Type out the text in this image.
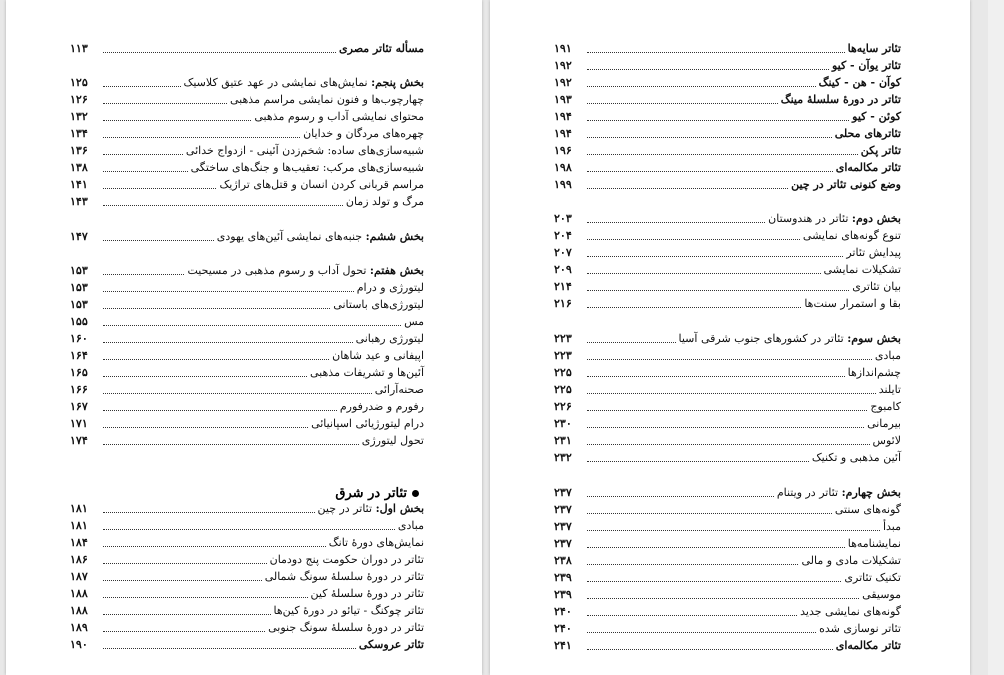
مسأله تئاتر مصری
۱۱۳
بخش پنجم: نمایش‌های نمایشی در عهد عتیق کلاسیک
۱۲۵
چهارچوب‌ها و فنون نمایشی مراسم مذهبی
۱۲۶
محتوای نمایشی آداب و رسوم مذهبی
۱۳۲
چهره‌های مردگان و خدایان
۱۳۴
شبیه‌سازی‌های ساده: شخم‌زدن آئینی - ازدواج خدائی
۱۳۶
شبیه‌سازی‌های مرکب: تعقیب‌ها و جنگ‌های ساختگی
۱۳۸
مراسم قربانی کردن انسان و قتل‌های تراژیک
۱۴۱
مرگ و تولد زمان
۱۴۳
بخش ششم: جنبه‌های نمایشی آئین‌های یهودی
۱۴۷
بخش هفتم: تحول آداب و رسوم مذهبی در مسیحیت
۱۵۳
لیتورژی و درام
۱۵۳
لیتورژی‌های باستانی
۱۵۳
مس
۱۵۵
لیتورژی رهبانی
۱۶۰
اپیفانی و عید شاهان
۱۶۴
آئین‌ها و تشریفات مذهبی
۱۶۵
صحنه‌آرائی
۱۶۶
رفورم و ضدرفورم
۱۶۷
درام لیتورژیائی اسپانیائی
۱۷۱
تحول لیتورژی
۱۷۴
بخش اول: تئاتر در چین
۱۸۱
مبادی
۱۸۱
نمایش‌های دورهٔ تانگ
۱۸۴
تئاتر در دوران حکومت پنج دودمان
۱۸۶
تئاتر در دورهٔ سلسلهٔ سونگ شمالی
۱۸۷
تئاتر در دورهٔ سلسلهٔ کین
۱۸۸
تئاتر چوکنگ - تیائو در دورهٔ کین‌ها
۱۸۸
تئاتر در دورهٔ سلسلهٔ سونگ جنوبی
۱۸۹
تئاتر عروسکی
۱۹۰
تئاتر در شرق
تئاتر سایه‌ها
۱۹۱
تئاتر یوآن - کیو
۱۹۲
کوآن - هن - کینگ
۱۹۲
تئاتر در دورهٔ سلسلهٔ مینگ
۱۹۳
کوئن - کیو
۱۹۴
تئاترهای محلی
۱۹۴
تئاتر پکن
۱۹۶
تئاتر مکالمه‌ای
۱۹۸
وضع کنونی تئاتر در چین
۱۹۹
بخش دوم: تئاتر در هندوستان
۲۰۳
تنوع گونه‌های نمایشی
۲۰۴
پیدایش تئاتر
۲۰۷
تشکیلات نمایشی
۲۰۹
بیان تئاتری
۲۱۴
بقا و استمرار سنت‌ها
۲۱۶
بخش سوم: تئاتر در کشورهای جنوب شرقی آسیا
۲۲۳
مبادی
۲۲۳
چشم‌اندازها
۲۲۵
تایلند
۲۲۵
کامبوج
۲۲۶
بیرمانی
۲۳۰
لائوس
۲۳۱
آئین مذهبی و تکنیک
۲۳۲
بخش چهارم: تئاتر در ویتنام
۲۳۷
گونه‌های سنتی
۲۳۷
مبدأ
۲۳۷
نمایشنامه‌ها
۲۳۷
تشکیلات مادی و مالی
۲۳۸
تکنیک تئاتری
۲۳۹
موسیقی
۲۳۹
گونه‌های نمایشی جدید
۲۴۰
تئاتر نوسازی شده
۲۴۰
تئاتر مکالمه‌ای
۲۴۱
